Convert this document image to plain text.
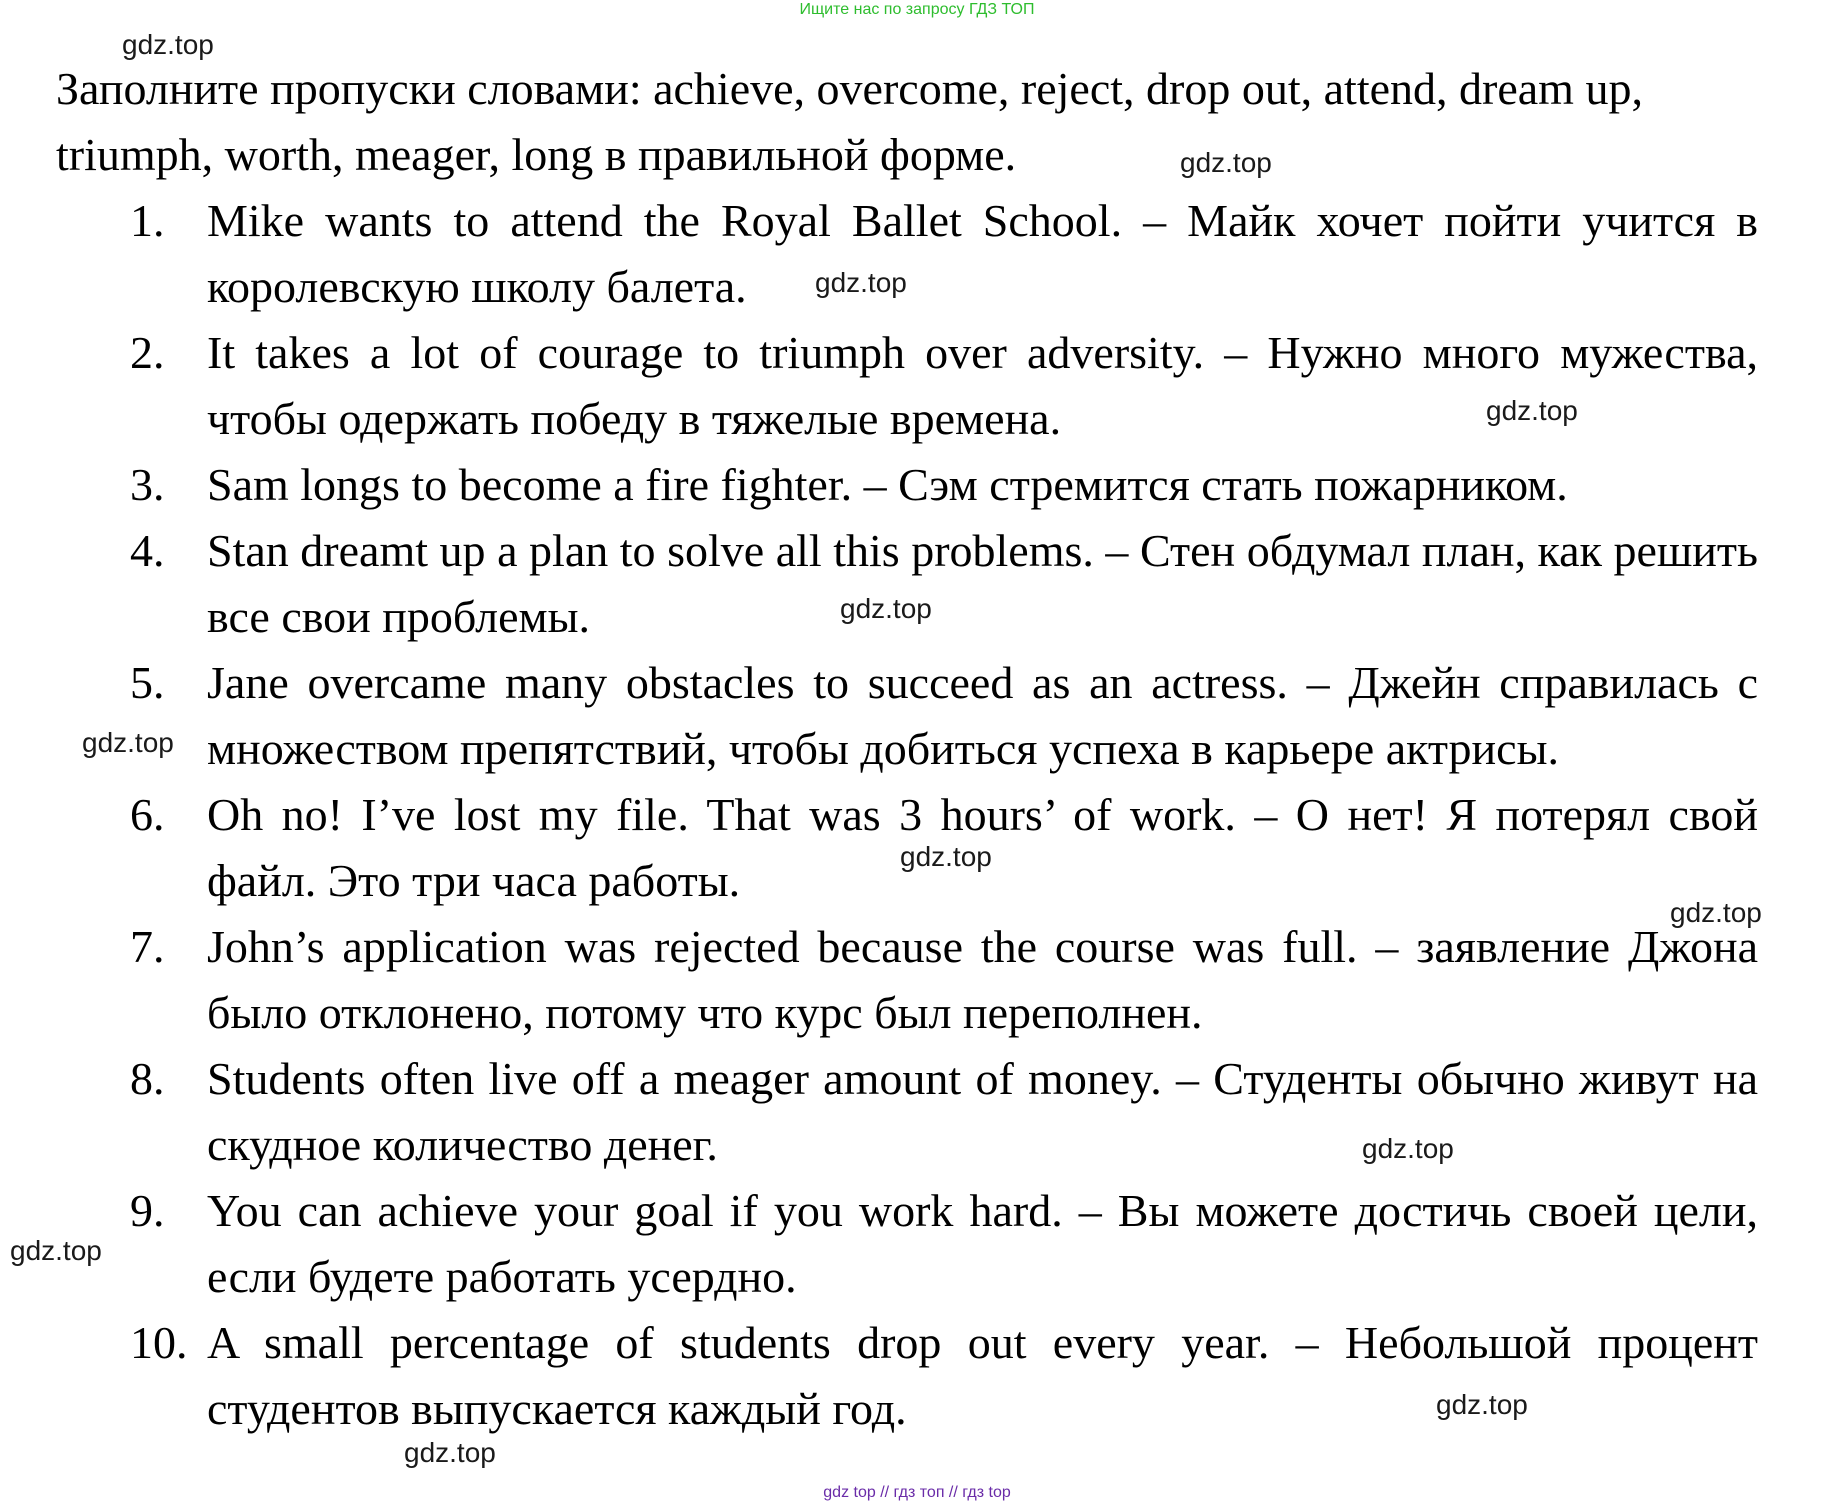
Ищите нас по запросу ГДЗ ТОП

Заполните пропуски словами: achieve, overcome, reject, drop out, attend, dream up, triumph, worth, meager, long в правильной форме.

1. Mike wants to attend the Royal Ballet School. – Майк хочет пойти учится в королевскую школу балета.
2. It takes a lot of courage to triumph over adversity. – Нужно много мужества, чтобы одержать победу в тяжелые времена.
3. Sam longs to become a fire fighter. – Сэм стремится стать пожарником.
4. Stan dreamt up a plan to solve all this problems. – Стен обдумал план, как решить все свои проблемы.
5. Jane overcame many obstacles to succeed as an actress. – Джейн справилась с множеством препятствий, чтобы добиться успеха в карьере актрисы.
6. Oh no! I’ve lost my file. That was 3 hours’ of work. – О нет! Я потерял свой файл. Это три часа работы.
7. John’s application was rejected because the course was full. – заявление Джона было отклонено, потому что курс был переполнен.
8. Students often live off a meager amount of money. – Студенты обычно живут на скудное количество денег.
9. You can achieve your goal if you work hard. – Вы можете достичь своей цели, если будете работать усердно.
10. A small percentage of students drop out every year. – Небольшой процент студентов выпускается каждый год.
gdz.top
gdz.top
gdz.top
gdz.top
gdz.top
gdz.top
gdz.top
gdz.top
gdz.top
gdz.top
gdz.top
gdz.top
gdz top // гдз топ // гдз top
